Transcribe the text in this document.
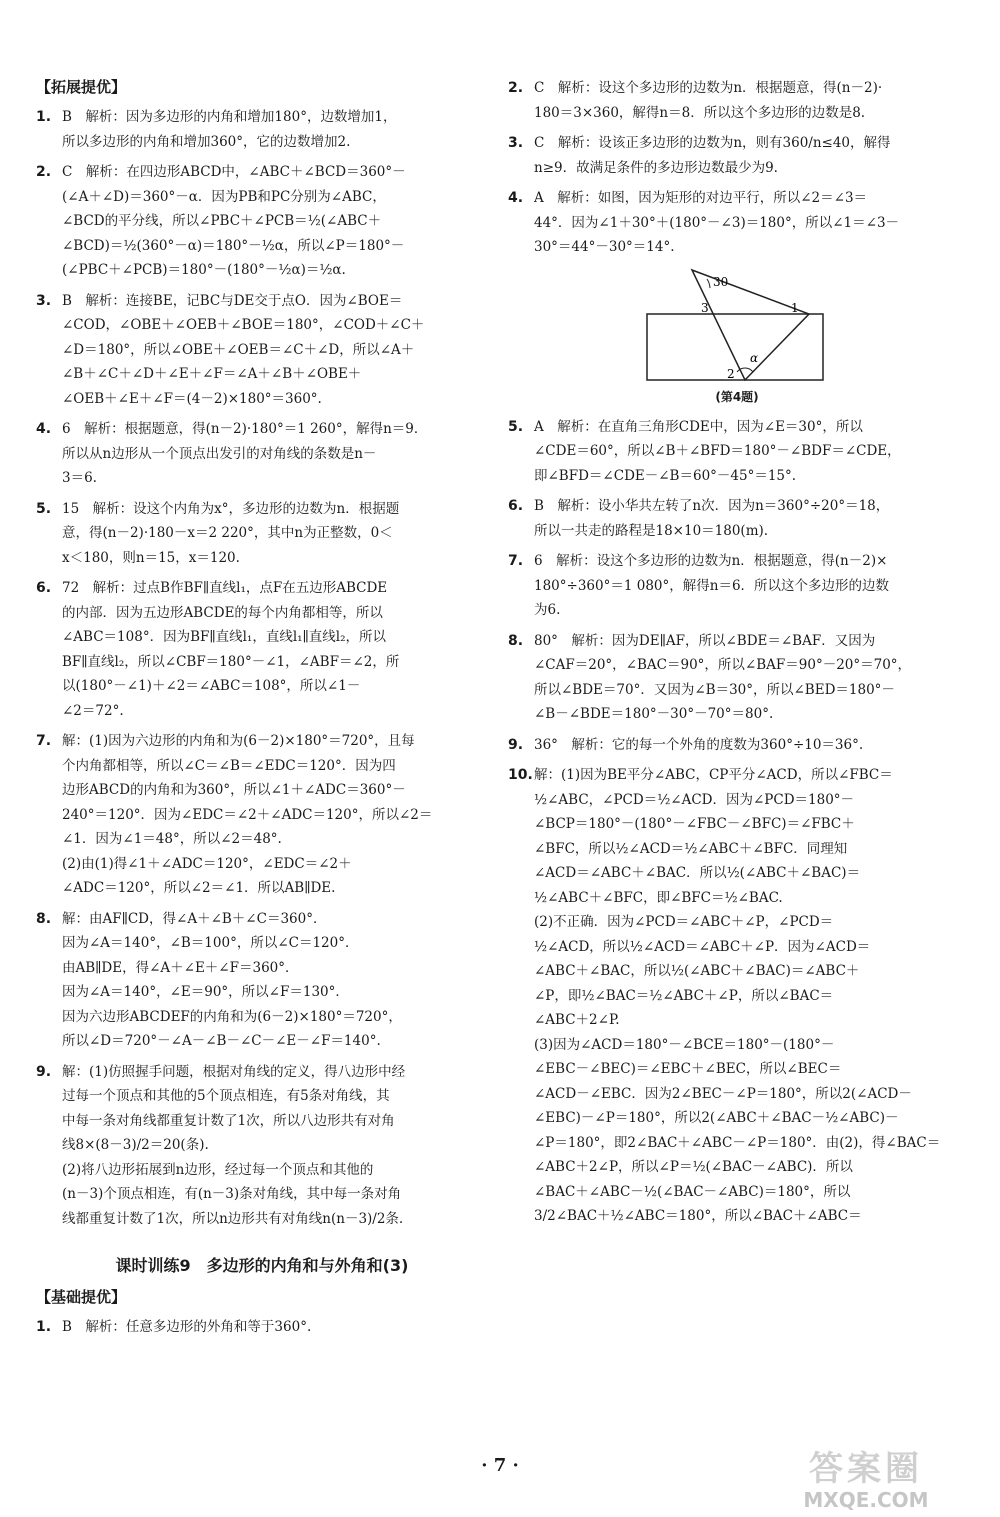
【拓展提优】
1. B　解析：因为多边形的内角和增加180°，边数增加1，

所以多边形的内角和增加360°，它的边数增加2.

2. C　解析：在四边形ABCD中，∠ABC＋∠BCD＝360°－

(∠A＋∠D)＝360°－α．因为PB和PC分别为∠ABC，

∠BCD的平分线，所以∠PBC＋∠PCB＝½(∠ABC＋

∠BCD)＝½(360°－α)＝180°－½α，所以∠P＝180°－

(∠PBC＋∠PCB)＝180°－(180°－½α)＝½α.

3. B　解析：连接BE，记BC与DE交于点O．因为∠BOE＝

∠COD，∠OBE＋∠OEB＋∠BOE＝180°，∠COD＋∠C＋

∠D＝180°，所以∠OBE＋∠OEB＝∠C＋∠D，所以∠A＋

∠B＋∠C＋∠D＋∠E＋∠F＝∠A＋∠B＋∠OBE＋

∠OEB＋∠E＋∠F＝(4－2)×180°＝360°.

4. 6　解析：根据题意，得(n－2)·180°＝1 260°，解得n＝9．

所以从n边形从一个顶点出发引的对角线的条数是n－

3＝6.

5. 15　解析：设这个内角为x°，多边形的边数为n．根据题

意，得(n－2)·180－x＝2 220°，其中n为正整数，0＜

x＜180，则n＝15，x＝120.

6. 72　解析：过点B作BF∥直线l₁，点F在五边形ABCDE

的内部．因为五边形ABCDE的每个内角都相等，所以

∠ABC＝108°．因为BF∥直线l₁，直线l₁∥直线l₂，所以

BF∥直线l₂，所以∠CBF＝180°－∠1，∠ABF＝∠2，所

以(180°－∠1)＋∠2＝∠ABC＝108°，所以∠1－

∠2＝72°.

7. 解：(1)因为六边形的内角和为(6－2)×180°＝720°，且每

个内角都相等，所以∠C＝∠B＝∠EDC＝120°．因为四

边形ABCD的内角和为360°，所以∠1＋∠ADC＝360°－

240°＝120°．因为∠EDC＝∠2＋∠ADC＝120°，所以∠2＝

∠1．因为∠1＝48°，所以∠2＝48°.

(2)由(1)得∠1＋∠ADC＝120°，∠EDC＝∠2＋

∠ADC＝120°，所以∠2＝∠1．所以AB∥DE.

8. 解：由AF∥CD，得∠A＋∠B＋∠C＝360°．

因为∠A＝140°，∠B＝100°，所以∠C＝120°．

由AB∥DE，得∠A＋∠E＋∠F＝360°．

因为∠A＝140°，∠E＝90°，所以∠F＝130°．

因为六边形ABCDEF的内角和为(6－2)×180°＝720°，

所以∠D＝720°－∠A－∠B－∠C－∠E－∠F＝140°.

9. 解：(1)仿照握手问题，根据对角线的定义，得八边形中经

过每一个顶点和其他的5个顶点相连，有5条对角线，其

中每一条对角线都重复计数了1次，所以八边形共有对角

线8×(8－3)/2＝20(条).

(2)将八边形拓展到n边形，经过每一个顶点和其他的

(n－3)个顶点相连，有(n－3)条对角线，其中每一条对角

线都重复计数了1次，所以n边形共有对角线n(n－3)/2条.

课时训练9　多边形的内角和与外角和(3)
【基础提优】
1. B　解析：任意多边形的外角和等于360°.

2. C　解析：设这个多边形的边数为n．根据题意，得(n－2)·

180＝3×360，解得n＝8．所以这个多边形的边数是8.

3. C　解析：设该正多边形的边数为n，则有360/n≤40，解得

n≥9．故满足条件的多边形边数最少为9.

4. A　解析：如图，因为矩形的对边平行，所以∠2＝∠3＝

44°．因为∠1＋30°＋(180°－∠3)＝180°，所以∠1＝∠3－

30°＝44°－30°＝14°.

30
3	1
2
α
(第4题)
5. A　解析：在直角三角形CDE中，因为∠E＝30°，所以

∠CDE＝60°，所以∠B＋∠BFD＝180°－∠BDF＝∠CDE，

即∠BFD＝∠CDE－∠B＝60°－45°＝15°.

6. B　解析：设小华共左转了n次．因为n＝360°÷20°＝18，

所以一共走的路程是18×10＝180(m).

7. 6　解析：设这个多边形的边数为n．根据题意，得(n－2)×

180°÷360°＝1 080°，解得n＝6．所以这个多边形的边数

为6.

8. 80°　解析：因为DE∥AF，所以∠BDE＝∠BAF．又因为

∠CAF＝20°，∠BAC＝90°，所以∠BAF＝90°－20°＝70°，

所以∠BDE＝70°．又因为∠B＝30°，所以∠BED＝180°－

∠B－∠BDE＝180°－30°－70°＝80°.

9. 36°　解析：它的每一个外角的度数为360°÷10＝36°.

10. 解：(1)因为BE平分∠ABC，CP平分∠ACD，所以∠FBC＝

½∠ABC，∠PCD＝½∠ACD．因为∠PCD＝180°－

∠BCP＝180°－(180°－∠FBC－∠BFC)＝∠FBC＋

∠BFC，所以½∠ACD＝½∠ABC＋∠BFC．同理知

∠ACD＝∠ABC＋∠BAC．所以½(∠ABC＋∠BAC)＝

½∠ABC＋∠BFC，即∠BFC＝½∠BAC.

(2)不正确．因为∠PCD＝∠ABC＋∠P，∠PCD＝

½∠ACD，所以½∠ACD＝∠ABC＋∠P．因为∠ACD＝

∠ABC＋∠BAC，所以½(∠ABC＋∠BAC)＝∠ABC＋

∠P，即½∠BAC＝½∠ABC＋∠P，所以∠BAC＝

∠ABC＋2∠P.

(3)因为∠ACD＝180°－∠BCE＝180°－(180°－

∠EBC－∠BEC)＝∠EBC＋∠BEC，所以∠BEC＝

∠ACD－∠EBC．因为2∠BEC－∠P＝180°，所以2(∠ACD－

∠EBC)－∠P＝180°，所以2(∠ABC＋∠BAC－½∠ABC)－

∠P＝180°，即2∠BAC＋∠ABC－∠P＝180°．由(2)，得∠BAC＝

∠ABC＋2∠P，所以∠P＝½(∠BAC－∠ABC)．所以

∠BAC＋∠ABC－½(∠BAC－∠ABC)＝180°，所以

3/2∠BAC＋½∠ABC＝180°，所以∠BAC＋∠ABC＝

· 7 ·	答案圈
MXQE.COM
